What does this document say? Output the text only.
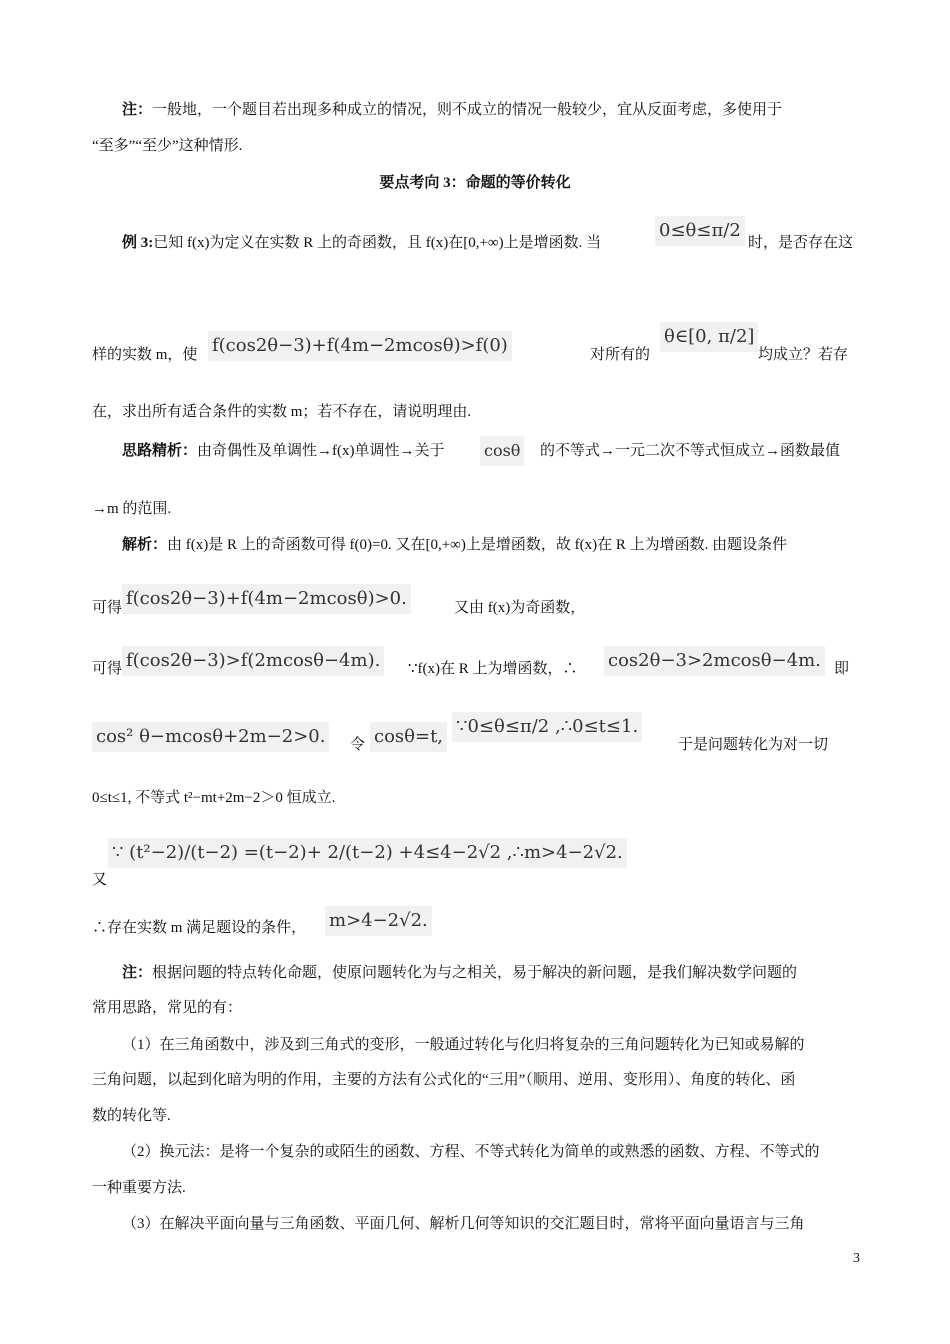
注：一般地，一个题目若出现多种成立的情况，则不成立的情况一般较少，宜从反面考虑，多使用于
“至多”“至少”这种情形.
要点考向 3：命题的等价转化
例 3:已知 f(x)为定义在实数 R 上的奇函数，且 f(x)在[0,+∞)上是增函数. 当
0≤θ≤π/2
时，是否存在这
样的实数 m，使 f(cos2θ−3)+f(4m−2mcosθ)>f(0)	对所有的
θ∈[0, π/2]
均成立？若存
在，求出所有适合条件的实数 m；若不存在，请说明理由.
思路精析：由奇偶性及单调性→f(x)单调性→关于 cosθ 的不等式→一元二次不等式恒成立→函数最值
→m 的范围.
解析：由 f(x)是 R 上的奇函数可得 f(0)=0. 又在[0,+∞)上是增函数，故 f(x)在 R 上为增函数. 由题设条件
可得 f(cos2θ−3)+f(4m−2mcosθ)>0.	又由 f(x)为奇函数，
可得 f(cos2θ−3)>f(2mcosθ−4m). ∵f(x)在 R 上为增函数，∴ cos2θ−3>2mcosθ−4m. 即
cos² θ−mcosθ+2m−2>0. 令 cosθ=t, ∵0≤θ≤π/2 ,∴0≤t≤1.
于是问题转化为对一切
0≤t≤1, 不等式 t²−mt+2m−2＞0 恒成立.
∵ (t²−2)/(t−2) =(t−2)+ 2/(t−2) +4≤4−2√2 ,∴m>4−2√2.
又
∴存在实数 m 满足题设的条件， m>4−2√2.
注：根据问题的特点转化命题，使原问题转化为与之相关，易于解决的新问题，是我们解决数学问题的
常用思路，常见的有：
（1）在三角函数中，涉及到三角式的变形，一般通过转化与化归将复杂的三角问题转化为已知或易解的
三角问题，以起到化暗为明的作用，主要的方法有公式化的“三用”（顺用、逆用、变形用）、角度的转化、函
数的转化等.
（2）换元法：是将一个复杂的或陌生的函数、方程、不等式转化为简单的或熟悉的函数、方程、不等式的
一种重要方法.
（3）在解决平面向量与三角函数、平面几何、解析几何等知识的交汇题目时，常将平面向量语言与三角
3
